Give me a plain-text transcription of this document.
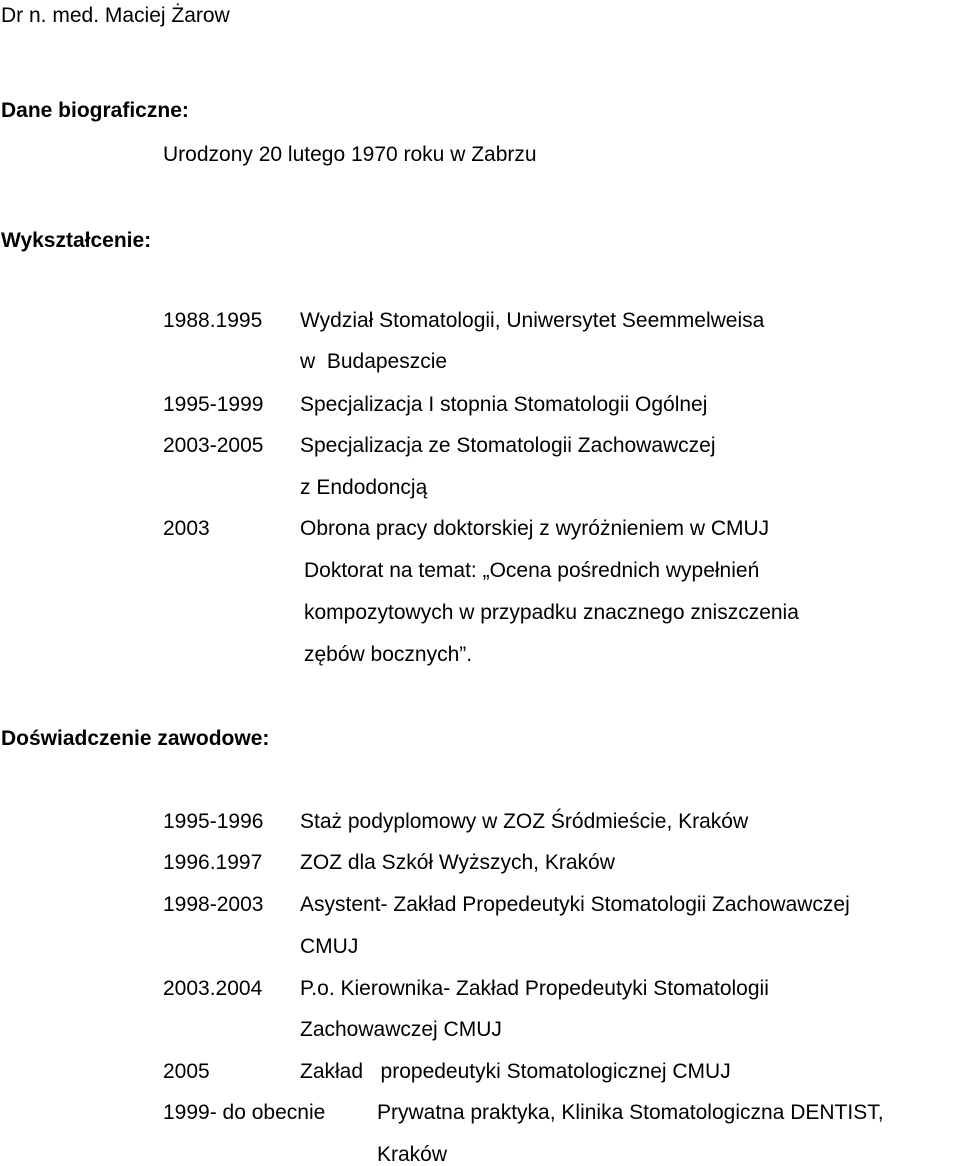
Dr n. med. Maciej Żarow
Dane biograficzne:
Urodzony 20 lutego 1970 roku w Zabrzu
Wykształcenie:
1988.1995 Wydział Stomatologii, Uniwersytet Seemmelweisa
w  Budapeszcie
1995-1999 Specjalizacja I stopnia Stomatologii Ogólnej
2003-2005 Specjalizacja ze Stomatologii Zachowawczej
z Endodoncją
2003	Obrona pracy doktorskiej z wyróżnieniem w CMUJ
Doktorat na temat: „Ocena pośrednich wypełnień
kompozytowych w przypadku znacznego zniszczenia
zębów bocznych”.
Doświadczenie zawodowe:
1995-1996 Staż podyplomowy w ZOZ Śródmieście, Kraków
1996.1997 ZOZ dla Szkół Wyższych, Kraków
1998-2003 Asystent- Zakład Propedeutyki Stomatologii Zachowawczej
CMUJ
2003.2004 P.o. Kierownika- Zakład Propedeutyki Stomatologii
Zachowawczej CMUJ
2005	Zakład   propedeutyki Stomatologicznej CMUJ
1999- do obecnie Prywatna praktyka, Klinika Stomatologiczna DENTIST,
Kraków
